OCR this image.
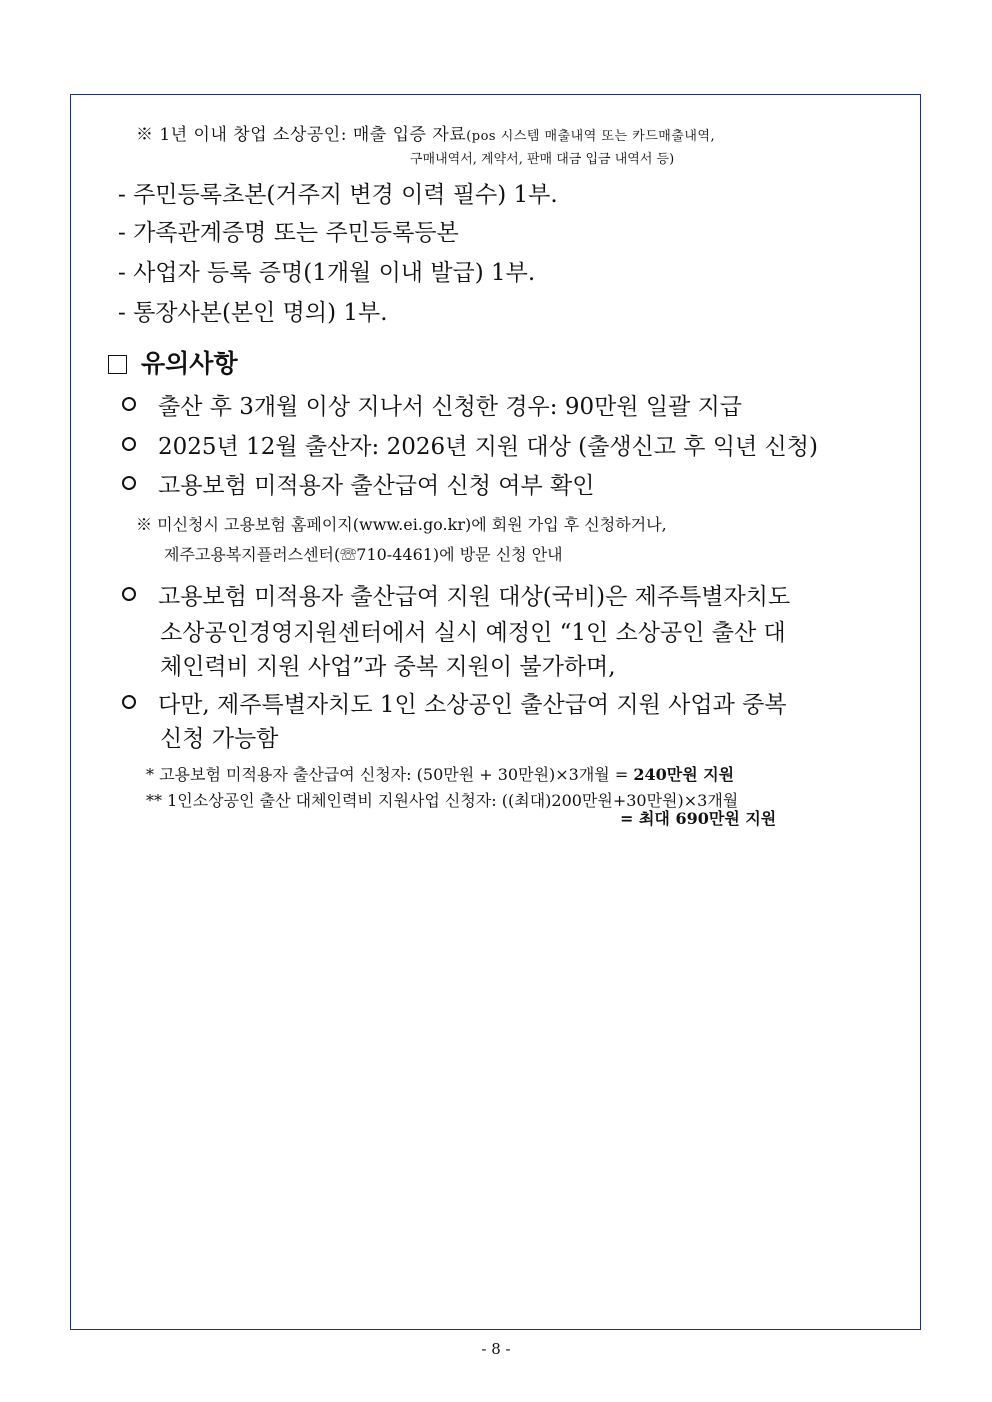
※ 1년 이내 창업 소상공인: 매출 입증 자료(pos 시스템 매출내역 또는 카드매출내역,
구매내역서, 계약서, 판매 대금 입금 내역서 등)
- 주민등록초본(거주지 변경 이력 필수) 1부.
- 가족관계증명 또는 주민등록등본
- 사업자 등록 증명(1개월 이내 발급) 1부.
- 통장사본(본인 명의) 1부.
유의사항
출산 후 3개월 이상 지나서 신청한 경우: 90만원 일괄 지급
2025년 12월 출산자: 2026년 지원 대상 (출생신고 후 익년 신청)
고용보험 미적용자 출산급여 신청 여부 확인
※ 미신청시 고용보험 홈페이지(www.ei.go.kr)에 회원 가입 후 신청하거나,
제주고용복지플러스센터(☏710-4461)에 방문 신청 안내
고용보험 미적용자 출산급여 지원 대상(국비)은 제주특별자치도
소상공인경영지원센터에서 실시 예정인 “1인 소상공인 출산 대
체인력비 지원 사업”과 중복 지원이 불가하며,
다만, 제주특별자치도 1인 소상공인 출산급여 지원 사업과 중복
신청 가능함
* 고용보험 미적용자 출산급여 신청자: (50만원 + 30만원)×3개월 = 240만원 지원
** 1인소상공인 출산 대체인력비 지원사업 신청자: ((최대)200만원+30만원)×3개월
= 최대 690만원 지원
- 8 -
